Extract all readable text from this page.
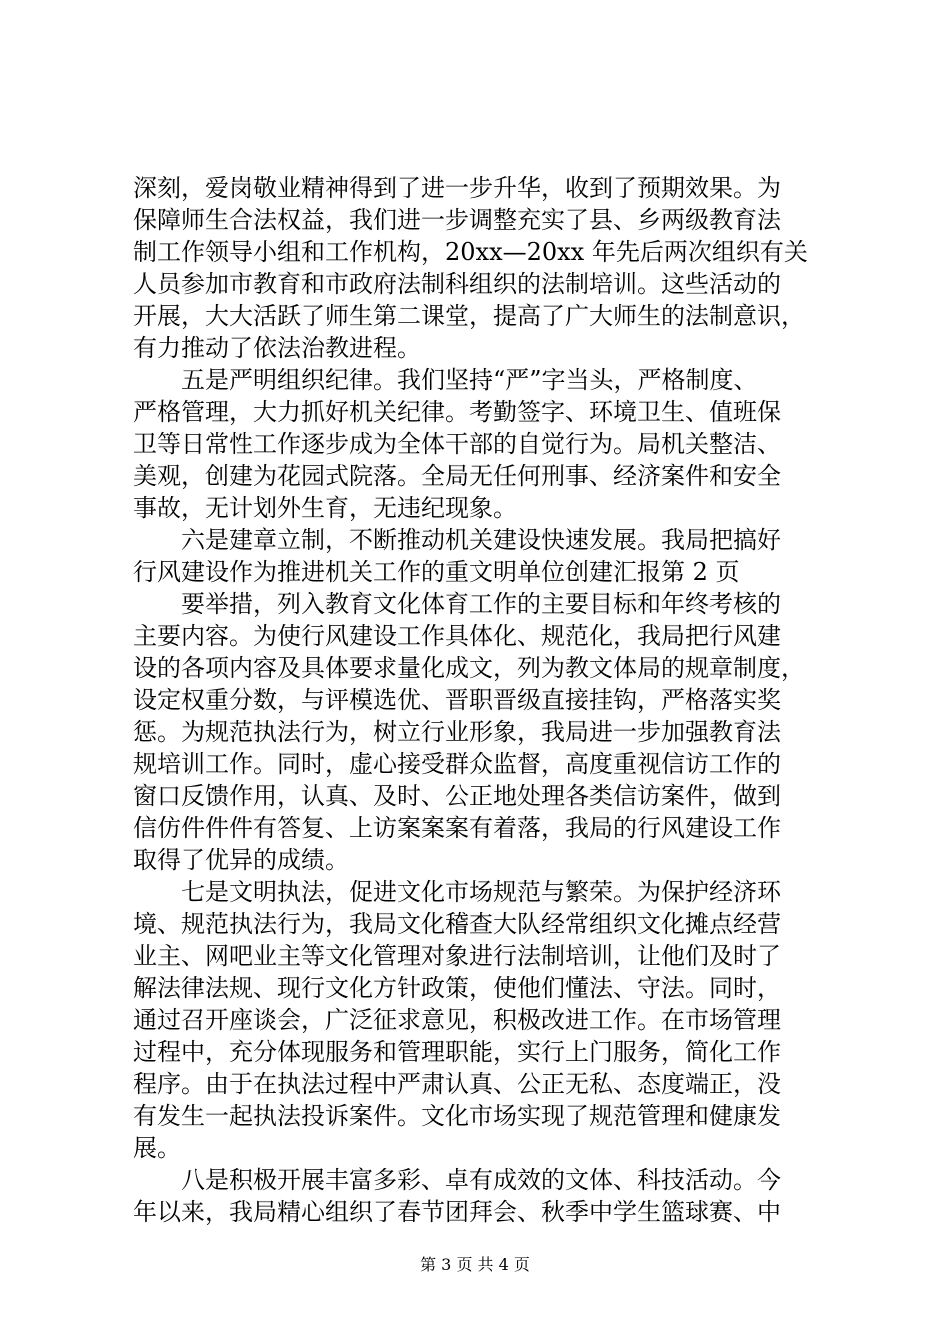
深刻，爱岗敬业精神得到了进一步升华，收到了预期效果。为
保障师生合法权益，我们进一步调整充实了县、乡两级教育法
制工作领导小组和工作机构，20xx—20xx 年先后两次组织有关
人员参加市教育和市政府法制科组织的法制培训。这些活动的
开展，大大活跃了师生第二课堂，提高了广大师生的法制意识，
有力推动了依法治教进程。
五是严明组织纪律。我们坚持“严”字当头，严格制度、
严格管理，大力抓好机关纪律。考勤签字、环境卫生、值班保
卫等日常性工作逐步成为全体干部的自觉行为。局机关整洁、
美观，创建为花园式院落。全局无任何刑事、经济案件和安全
事故，无计划外生育，无违纪现象。
六是建章立制，不断推动机关建设快速发展。我局把搞好
行风建设作为推进机关工作的重文明单位创建汇报第 2 页
要举措，列入教育文化体育工作的主要目标和年终考核的
主要内容。为使行风建设工作具体化、规范化，我局把行风建
设的各项内容及具体要求量化成文，列为教文体局的规章制度，
设定权重分数，与评模选优、晋职晋级直接挂钩，严格落实奖
惩。为规范执法行为，树立行业形象，我局进一步加强教育法
规培训工作。同时，虚心接受群众监督，高度重视信访工作的
窗口反馈作用，认真、及时、公正地处理各类信访案件，做到
信仿件件件有答复、上访案案案有着落，我局的行风建设工作
取得了优异的成绩。
七是文明执法，促进文化市场规范与繁荣。为保护经济环
境、规范执法行为，我局文化稽查大队经常组织文化摊点经营
业主、网吧业主等文化管理对象进行法制培训，让他们及时了
解法律法规、现行文化方针政策，使他们懂法、守法。同时，
通过召开座谈会，广泛征求意见，积极改进工作。在市场管理
过程中，充分体现服务和管理职能，实行上门服务，简化工作
程序。由于在执法过程中严肃认真、公正无私、态度端正，没
有发生一起执法投诉案件。文化市场实现了规范管理和健康发
展。
八是积极开展丰富多彩、卓有成效的文体、科技活动。今
年以来，我局精心组织了春节团拜会、秋季中学生篮球赛、中
第 3 页 共 4 页
